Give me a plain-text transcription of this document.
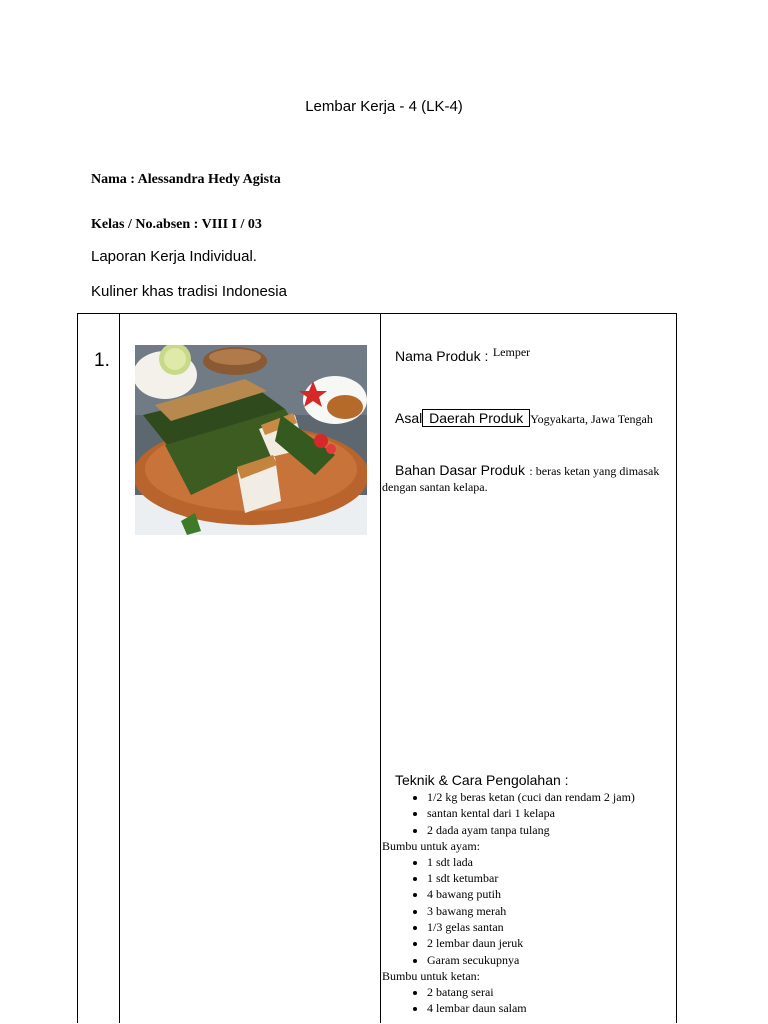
Lembar Kerja - 4 (LK-4)
Nama : Alessandra Hedy Agista
Kelas / No.absen : VIII I / 03
Laporan Kerja Individual.
Kuliner khas tradisi Indonesia
1.	Nama Produk : $^{Lemper}$
Asal Daerah Produk Yogyakarta, Jawa Tengah
Bahan Dasar Produk : beras ketan yang dimasak dengan santan kelapa.
Teknik & Cara Pengolahan :
• 1/2 kg beras ketan (cuci dan rendam 2 jam)
• santan kental dari 1 kelapa
• 2 dada ayam tanpa tulang
Bumbu untuk ayam:
• 1 sdt lada
• 1 sdt ketumbar
• 4 bawang putih
• 3 bawang merah
• 1/3 gelas santan
• 2 lembar daun jeruk
• Garam secukupnya
Bumbu untuk ketan:
• 2 batang serai
• 4 lembar daun salam
